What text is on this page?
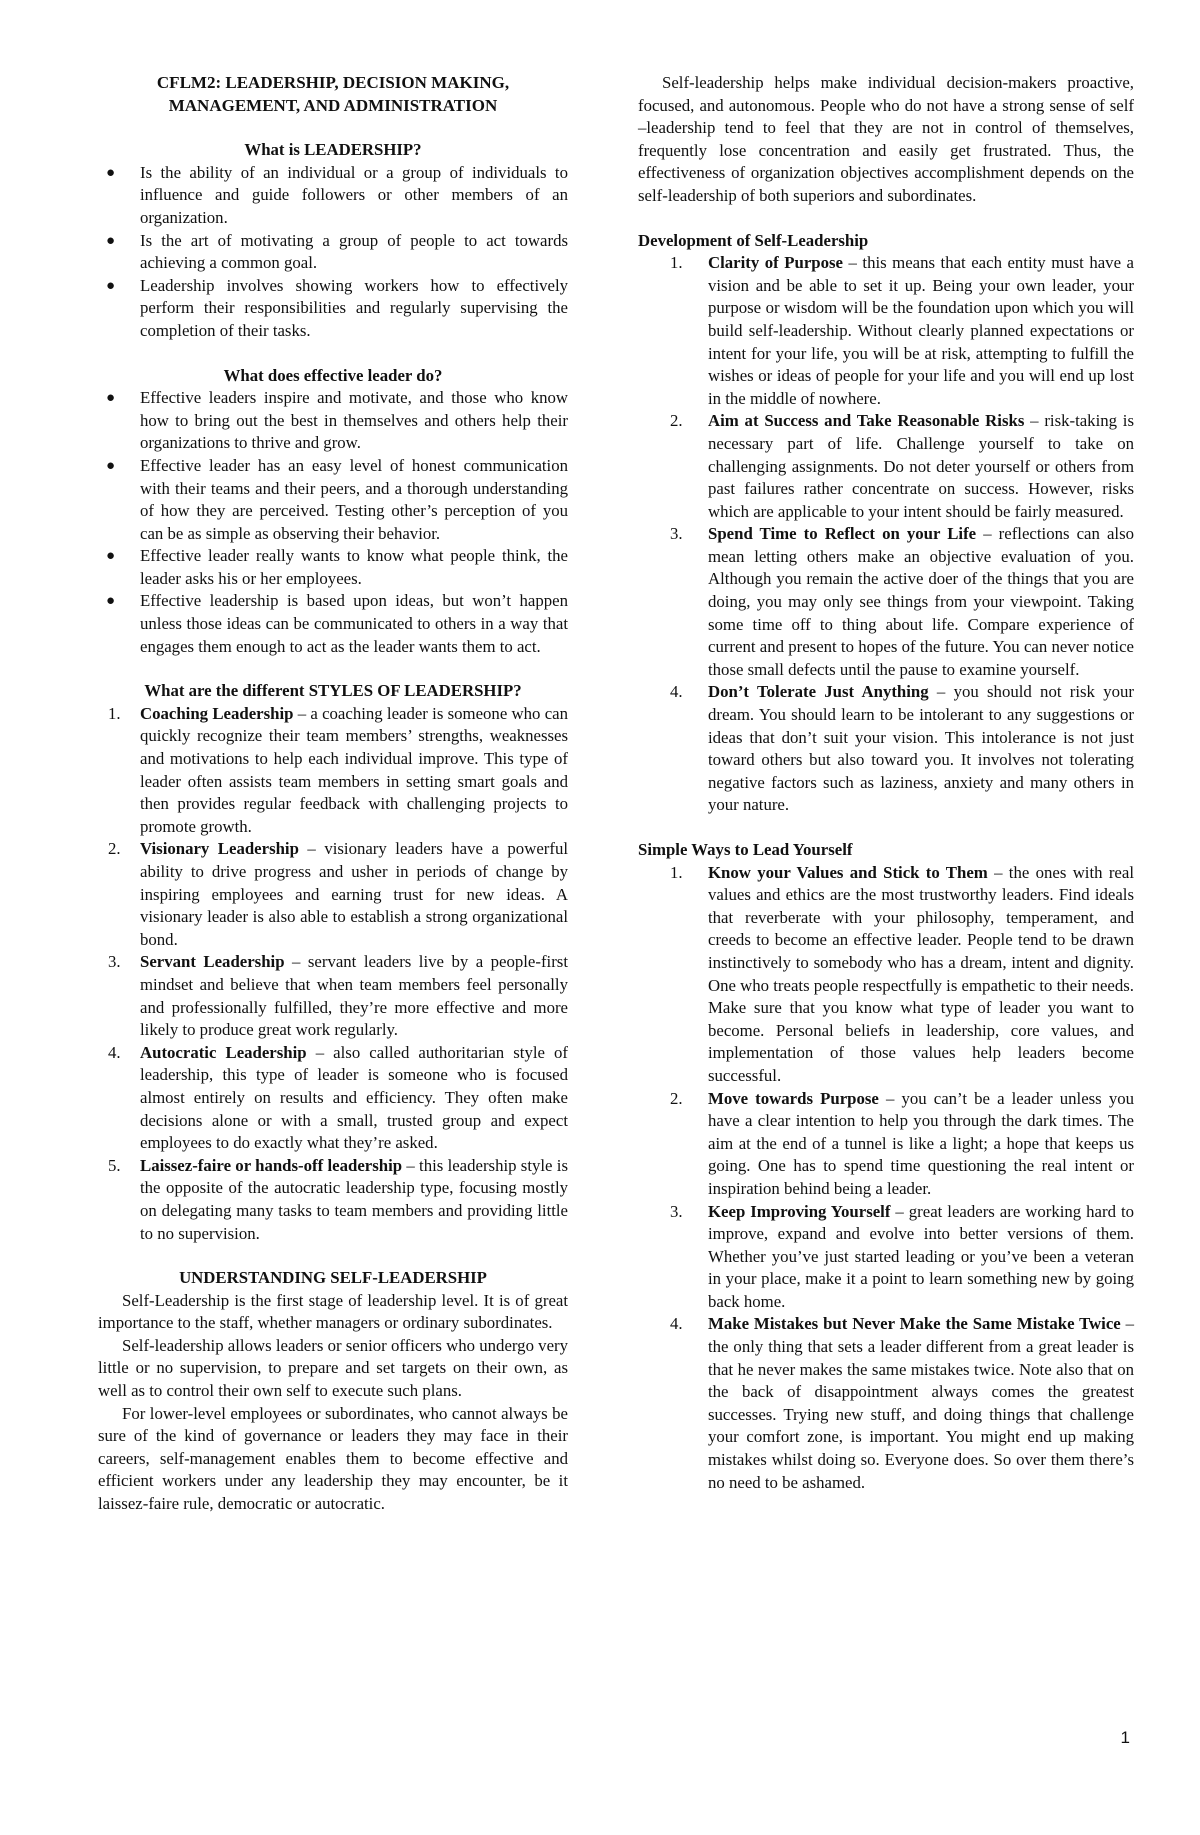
CFLM2: LEADERSHIP, DECISION MAKING, MANAGEMENT, AND ADMINISTRATION
What is LEADERSHIP?
● Is the ability of an individual or a group of individuals to influence and guide followers or other members of an organization.
● Is the art of motivating a group of people to act towards achieving a common goal.
● Leadership involves showing workers how to effectively perform their responsibilities and regularly supervising the completion of their tasks.
What does effective leader do?
● Effective leaders inspire and motivate, and those who know how to bring out the best in themselves and others help their organizations to thrive and grow.
● Effective leader has an easy level of honest communication with their teams and their peers, and a thorough understanding of how they are perceived. Testing other’s perception of you can be as simple as observing their behavior.
● Effective leader really wants to know what people think, the leader asks his or her employees.
● Effective leadership is based upon ideas, but won’t happen unless those ideas can be communicated to others in a way that engages them enough to act as the leader wants them to act.
What are the different STYLES OF LEADERSHIP?
1. Coaching Leadership – a coaching leader is someone who can quickly recognize their team members’ strengths, weaknesses and motivations to help each individual improve. This type of leader often assists team members in setting smart goals and then provides regular feedback with challenging projects to promote growth.
2. Visionary Leadership – visionary leaders have a powerful ability to drive progress and usher in periods of change by inspiring employees and earning trust for new ideas. A visionary leader is also able to establish a strong organizational bond.
3. Servant Leadership – servant leaders live by a people-first mindset and believe that when team members feel personally and professionally fulfilled, they’re more effective and more likely to produce great work regularly.
4. Autocratic Leadership – also called authoritarian style of leadership, this type of leader is someone who is focused almost entirely on results and efficiency. They often make decisions alone or with a small, trusted group and expect employees to do exactly what they’re asked.
5. Laissez-faire or hands-off leadership – this leadership style is the opposite of the autocratic leadership type, focusing mostly on delegating many tasks to team members and providing little to no supervision.
UNDERSTANDING SELF-LEADERSHIP

Self-Leadership is the first stage of leadership level. It is of great importance to the staff, whether managers or ordinary subordinates.

Self-leadership allows leaders or senior officers who undergo very little or no supervision, to prepare and set targets on their own, as well as to control their own self to execute such plans.

For lower-level employees or subordinates, who cannot always be sure of the kind of governance or leaders they may face in their careers, self-management enables them to become effective and efficient workers under any leadership they may encounter, be it laissez-faire rule, democratic or autocratic.

Self-leadership helps make individual decision-makers proactive, focused, and autonomous. People who do not have a strong sense of self –leadership tend to feel that they are not in control of themselves, frequently lose concentration and easily get frustrated. Thus, the effectiveness of organization objectives accomplishment depends on the self-leadership of both superiors and subordinates.

Development of Self-Leadership
1. Clarity of Purpose – this means that each entity must have a vision and be able to set it up. Being your own leader, your purpose or wisdom will be the foundation upon which you will build self-leadership. Without clearly planned expectations or intent for your life, you will be at risk, attempting to fulfill the wishes or ideas of people for your life and you will end up lost in the middle of nowhere.
2. Aim at Success and Take Reasonable Risks – risk-taking is necessary part of life. Challenge yourself to take on challenging assignments. Do not deter yourself or others from past failures rather concentrate on success. However, risks which are applicable to your intent should be fairly measured.
3. Spend Time to Reflect on your Life – reflections can also mean letting others make an objective evaluation of you. Although you remain the active doer of the things that you are doing, you may only see things from your viewpoint. Taking some time off to thing about life. Compare experience of current and present to hopes of the future. You can never notice those small defects until the pause to examine yourself.
4. Don’t Tolerate Just Anything – you should not risk your dream. You should learn to be intolerant to any suggestions or ideas that don’t suit your vision. This intolerance is not just toward others but also toward you. It involves not tolerating negative factors such as laziness, anxiety and many others in your nature.
Simple Ways to Lead Yourself
1. Know your Values and Stick to Them – the ones with real values and ethics are the most trustworthy leaders. Find ideals that reverberate with your philosophy, temperament, and creeds to become an effective leader. People tend to be drawn instinctively to somebody who has a dream, intent and dignity. One who treats people respectfully is empathetic to their needs. Make sure that you know what type of leader you want to become. Personal beliefs in leadership, core values, and implementation of those values help leaders become successful.
2. Move towards Purpose – you can’t be a leader unless you have a clear intention to help you through the dark times. The aim at the end of a tunnel is like a light; a hope that keeps us going. One has to spend time questioning the real intent or inspiration behind being a leader.
3. Keep Improving Yourself – great leaders are working hard to improve, expand and evolve into better versions of them. Whether you’ve just started leading or you’ve been a veteran in your place, make it a point to learn something new by going back home.
4. Make Mistakes but Never Make the Same Mistake Twice – the only thing that sets a leader different from a great leader is that he never makes the same mistakes twice. Note also that on the back of disappointment always comes the greatest successes. Trying new stuff, and doing things that challenge your comfort zone, is important. You might end up making mistakes whilst doing so. Everyone does. So over them there’s no need to be ashamed.
1
